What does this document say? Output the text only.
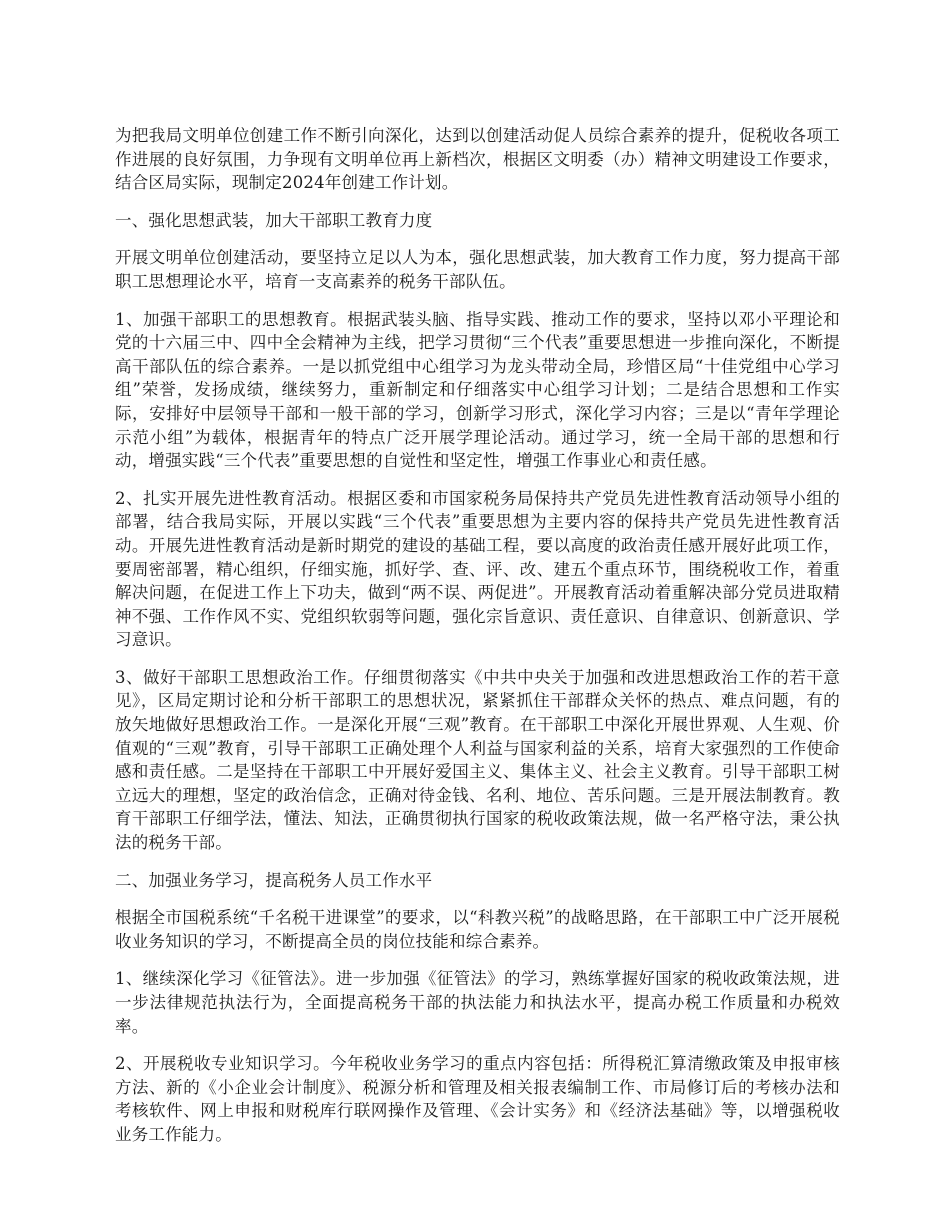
为把我局文明单位创建工作不断引向深化，达到以创建活动促人员综合素养的提升，促税收各项工作进展的良好氛围，力争现有文明单位再上新档次，根据区文明委（办）精神文明建设工作要求，结合区局实际，现制定2024年创建工作计划。

一、强化思想武装，加大干部职工教育力度

开展文明单位创建活动，要坚持立足以人为本，强化思想武装，加大教育工作力度，努力提高干部职工思想理论水平，培育一支高素养的税务干部队伍。

1、加强干部职工的思想教育。根据武装头脑、指导实践、推动工作的要求，坚持以邓小平理论和党的十六届三中、四中全会精神为主线，把学习贯彻“三个代表”重要思想进一步推向深化，不断提高干部队伍的综合素养。一是以抓党组中心组学习为龙头带动全局，珍惜区局“十佳党组中心学习组”荣誉，发扬成绩，继续努力，重新制定和仔细落实中心组学习计划；二是结合思想和工作实际，安排好中层领导干部和一般干部的学习，创新学习形式，深化学习内容；三是以“青年学理论示范小组”为载体，根据青年的特点广泛开展学理论活动。通过学习，统一全局干部的思想和行动，增强实践“三个代表”重要思想的自觉性和坚定性，增强工作事业心和责任感。

2、扎实开展先进性教育活动。根据区委和市国家税务局保持共产党员先进性教育活动领导小组的部署，结合我局实际，开展以实践“三个代表”重要思想为主要内容的保持共产党员先进性教育活动。开展先进性教育活动是新时期党的建设的基础工程，要以高度的政治责任感开展好此项工作，要周密部署，精心组织，仔细实施，抓好学、查、评、改、建五个重点环节，围绕税收工作，着重解决问题，在促进工作上下功夫，做到“两不误、两促进”。开展教育活动着重解决部分党员进取精神不强、工作作风不实、党组织软弱等问题，强化宗旨意识、责任意识、自律意识、创新意识、学习意识。

3、做好干部职工思想政治工作。仔细贯彻落实《中共中央关于加强和改进思想政治工作的若干意见》，区局定期讨论和分析干部职工的思想状况，紧紧抓住干部群众关怀的热点、难点问题，有的放矢地做好思想政治工作。一是深化开展“三观”教育。在干部职工中深化开展世界观、人生观、价值观的“三观”教育，引导干部职工正确处理个人利益与国家利益的关系，培育大家强烈的工作使命感和责任感。二是坚持在干部职工中开展好爱国主义、集体主义、社会主义教育。引导干部职工树立远大的理想，坚定的政治信念，正确对待金钱、名利、地位、苦乐问题。三是开展法制教育。教育干部职工仔细学法，懂法、知法，正确贯彻执行国家的税收政策法规，做一名严格守法，秉公执法的税务干部。

二、加强业务学习，提高税务人员工作水平

根据全市国税系统“千名税干进课堂”的要求，以“科教兴税”的战略思路，在干部职工中广泛开展税收业务知识的学习，不断提高全员的岗位技能和综合素养。

1、继续深化学习《征管法》。进一步加强《征管法》的学习，熟练掌握好国家的税收政策法规，进一步法律规范执法行为，全面提高税务干部的执法能力和执法水平，提高办税工作质量和办税效率。

2、开展税收专业知识学习。今年税收业务学习的重点内容包括：所得税汇算清缴政策及申报审核方法、新的《小企业会计制度》、税源分析和管理及相关报表编制工作、市局修订后的考核办法和考核软件、网上申报和财税库行联网操作及管理、《会计实务》和《经济法基础》等，以增强税收业务工作能力。
